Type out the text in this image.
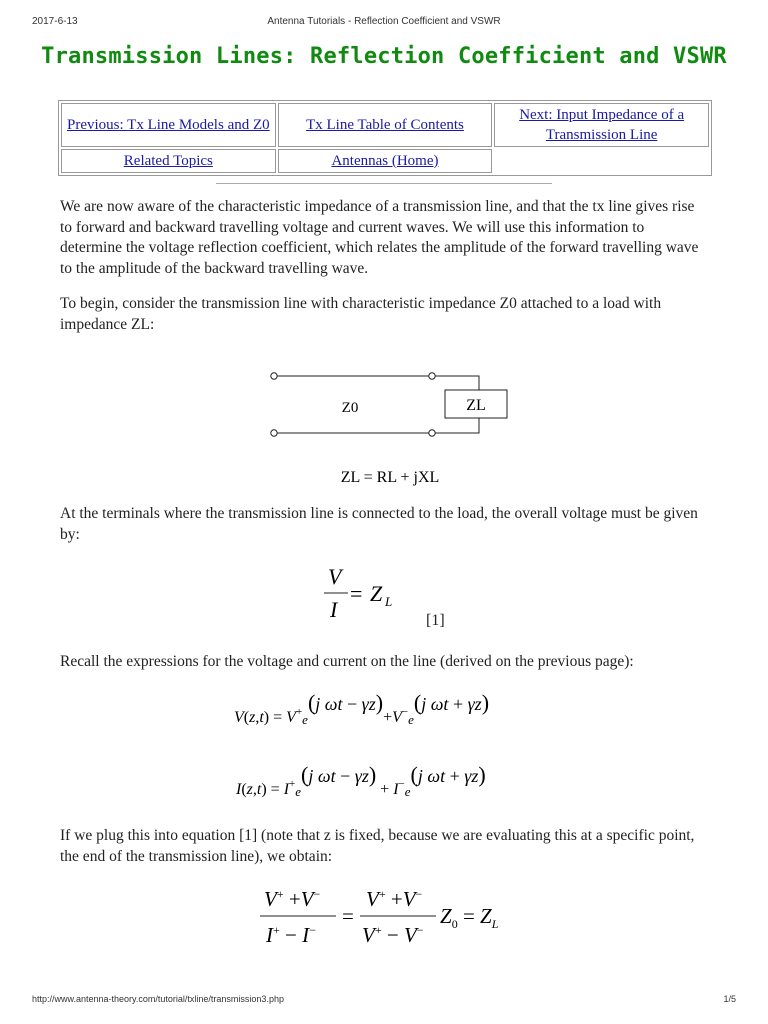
2017-6-13	Antenna Tutorials - Reflection Coefficient and VSWR
Transmission Lines: Reflection Coefficient and VSWR
Previous: Tx Line Models and Z0	Tx Line Table of Contents	Next: Input Impedance of a Transmission Line
Related Topics	Antennas (Home)	

We are now aware of the characteristic impedance of a transmission line, and that the tx line gives rise to forward and backward travelling voltage and current waves. We will use this information to determine the voltage reflection coefficient, which relates the amplitude of the forward travelling wave to the amplitude of the backward travelling wave.

To begin, consider the transmission line with characteristic impedance Z0 attached to a load with impedance ZL:

ZL
Z0
ZL = RL + jXL

At the terminals where the transmission line is connected to the load, the overall voltage must be given by:

V
I
= Z L
[1]

Recall the expressions for the voltage and current on the line (derived on the previous page):

$V(z,t) = V^+_e(j$ $\omega t - \gamma z)+V^-_e(j$ ωt + γz)
$I(z,t) = I^+_e(j$ $\omega t - \gamma z) + I^-_e(j$ ωt + γz)

If we plug this into equation [1] (note that z is fixed, because we are evaluating this at a specific point, the end of the transmission line), we obtain:

V+ +V−
I+ − I−
=
V+ +V−
V+ − V−
$Z_0 = Z_L$
http://www.antenna-theory.com/tutorial/txline/transmission3.php	1/5
